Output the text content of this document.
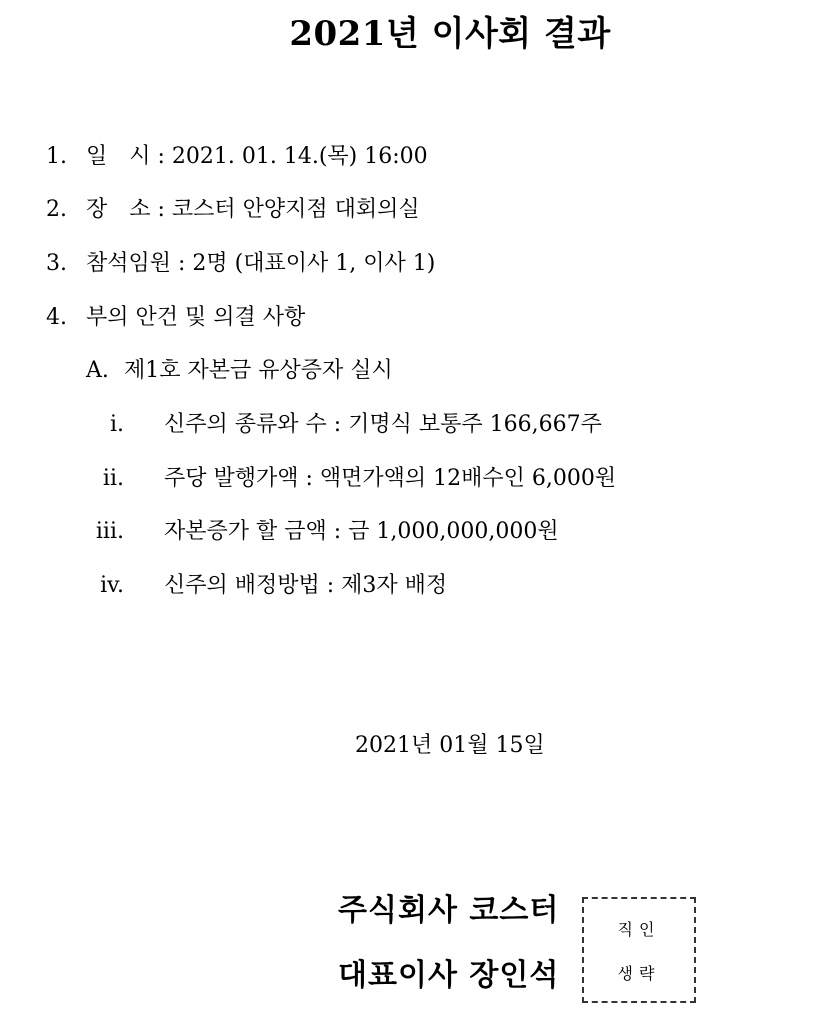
2021년 이사회 결과
1. 일　시 : 2021. 01. 14.(목) 16:00
2. 장　소 : 코스터 안양지점 대회의실
3. 참석임원 : 2명 (대표이사 1, 이사 1)
4. 부의 안건 및 의결 사항
A. 제1호 자본금 유상증자 실시
i. 신주의 종류와 수 : 기명식 보통주 166,667주
ii. 주당 발행가액 : 액면가액의 12배수인 6,000원
iii. 자본증가 할 금액 : 금 1,000,000,000원
iv. 신주의 배정방법 : 제3자 배정
2021년 01월 15일
주식회사 코스터
대표이사 장인석
직인
생략
